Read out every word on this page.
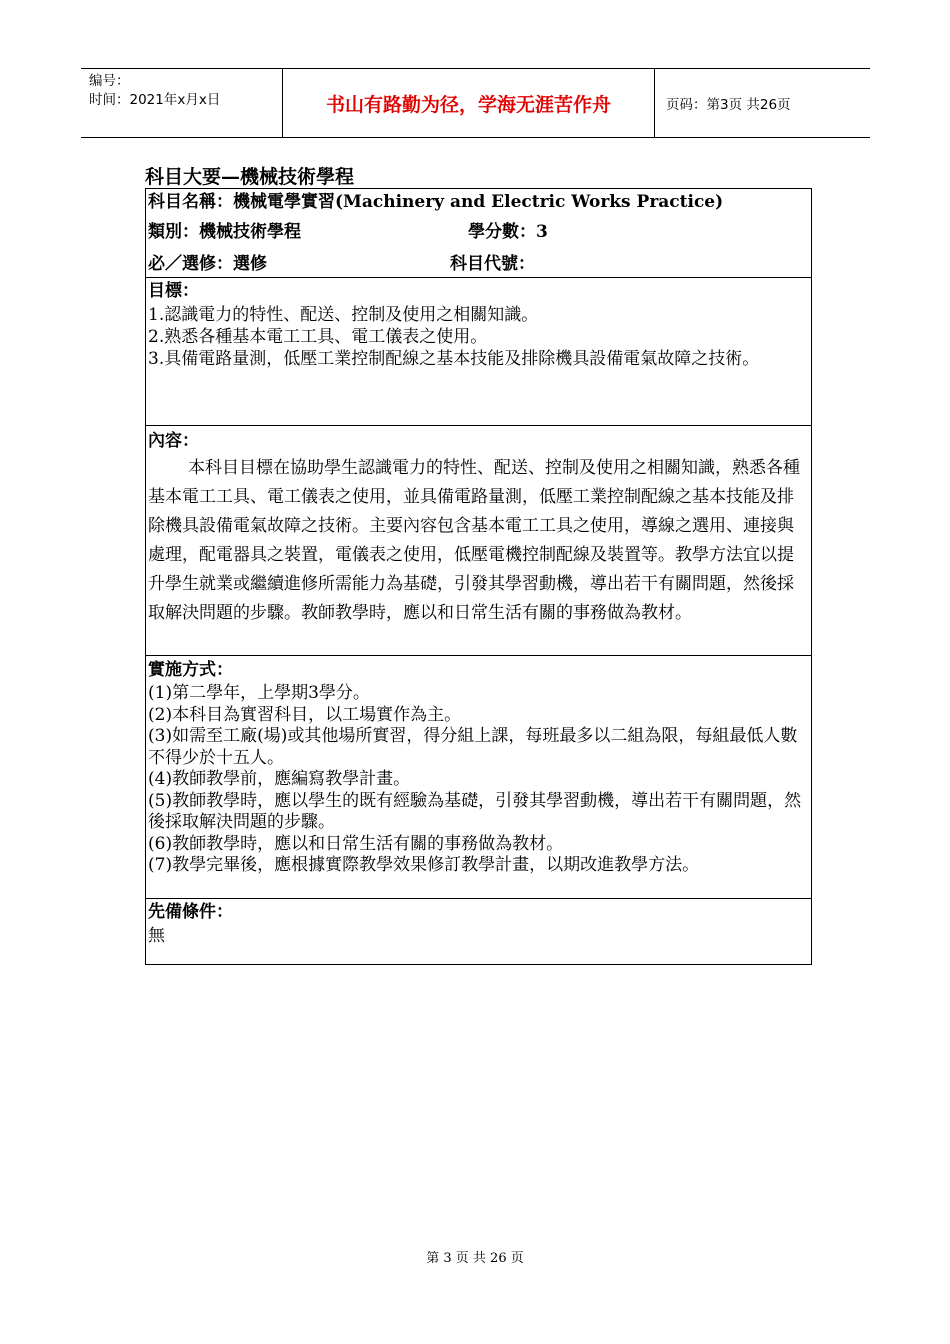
编号：
时间：2021年x月x日	书山有路勤为径，学海无涯苦作舟	页码：第3页 共26页
科目大要—機械技術學程
科目名稱：機械電學實習(Machinery and Electric Works Practice)
類別：機械技術學程	學分數：3
必／選修：選修	科目代號：
目標：
1.認識電力的特性、配送、控制及使用之相關知識。
2.熟悉各種基本電工工具、電工儀表之使用。
3.具備電路量測，低壓工業控制配線之基本技能及排除機具設備電氣故障之技術。
內容：

本科目目標在協助學生認識電力的特性、配送、控制及使用之相關知識，熟悉各種基本電工工具、電工儀表之使用，並具備電路量測，低壓工業控制配線之基本技能及排除機具設備電氣故障之技術。主要內容包含基本電工工具之使用，導線之選用、連接與處理，配電器具之裝置，電儀表之使用，低壓電機控制配線及裝置等。教學方法宜以提升學生就業或繼續進修所需能力為基礎，引發其學習動機，導出若干有關問題，然後採取解決問題的步驟。教師教學時，應以和日常生活有關的事務做為教材。

實施方式：
(1)第二學年，上學期3學分。
(2)本科目為實習科目，以工場實作為主。
(3)如需至工廠(場)或其他場所實習，得分組上課，每班最多以二組為限，每組最低人數不得少於十五人。
(4)教師教學前，應編寫教學計畫。
(5)教師教學時，應以學生的既有經驗為基礎，引發其學習動機，導出若干有關問題，然後採取解決問題的步驟。
(6)教師教學時，應以和日常生活有關的事務做為教材。
(7)教學完畢後，應根據實際教學效果修訂教學計畫，以期改進教學方法。
先備條件：
無
第 3 页 共 26 页
